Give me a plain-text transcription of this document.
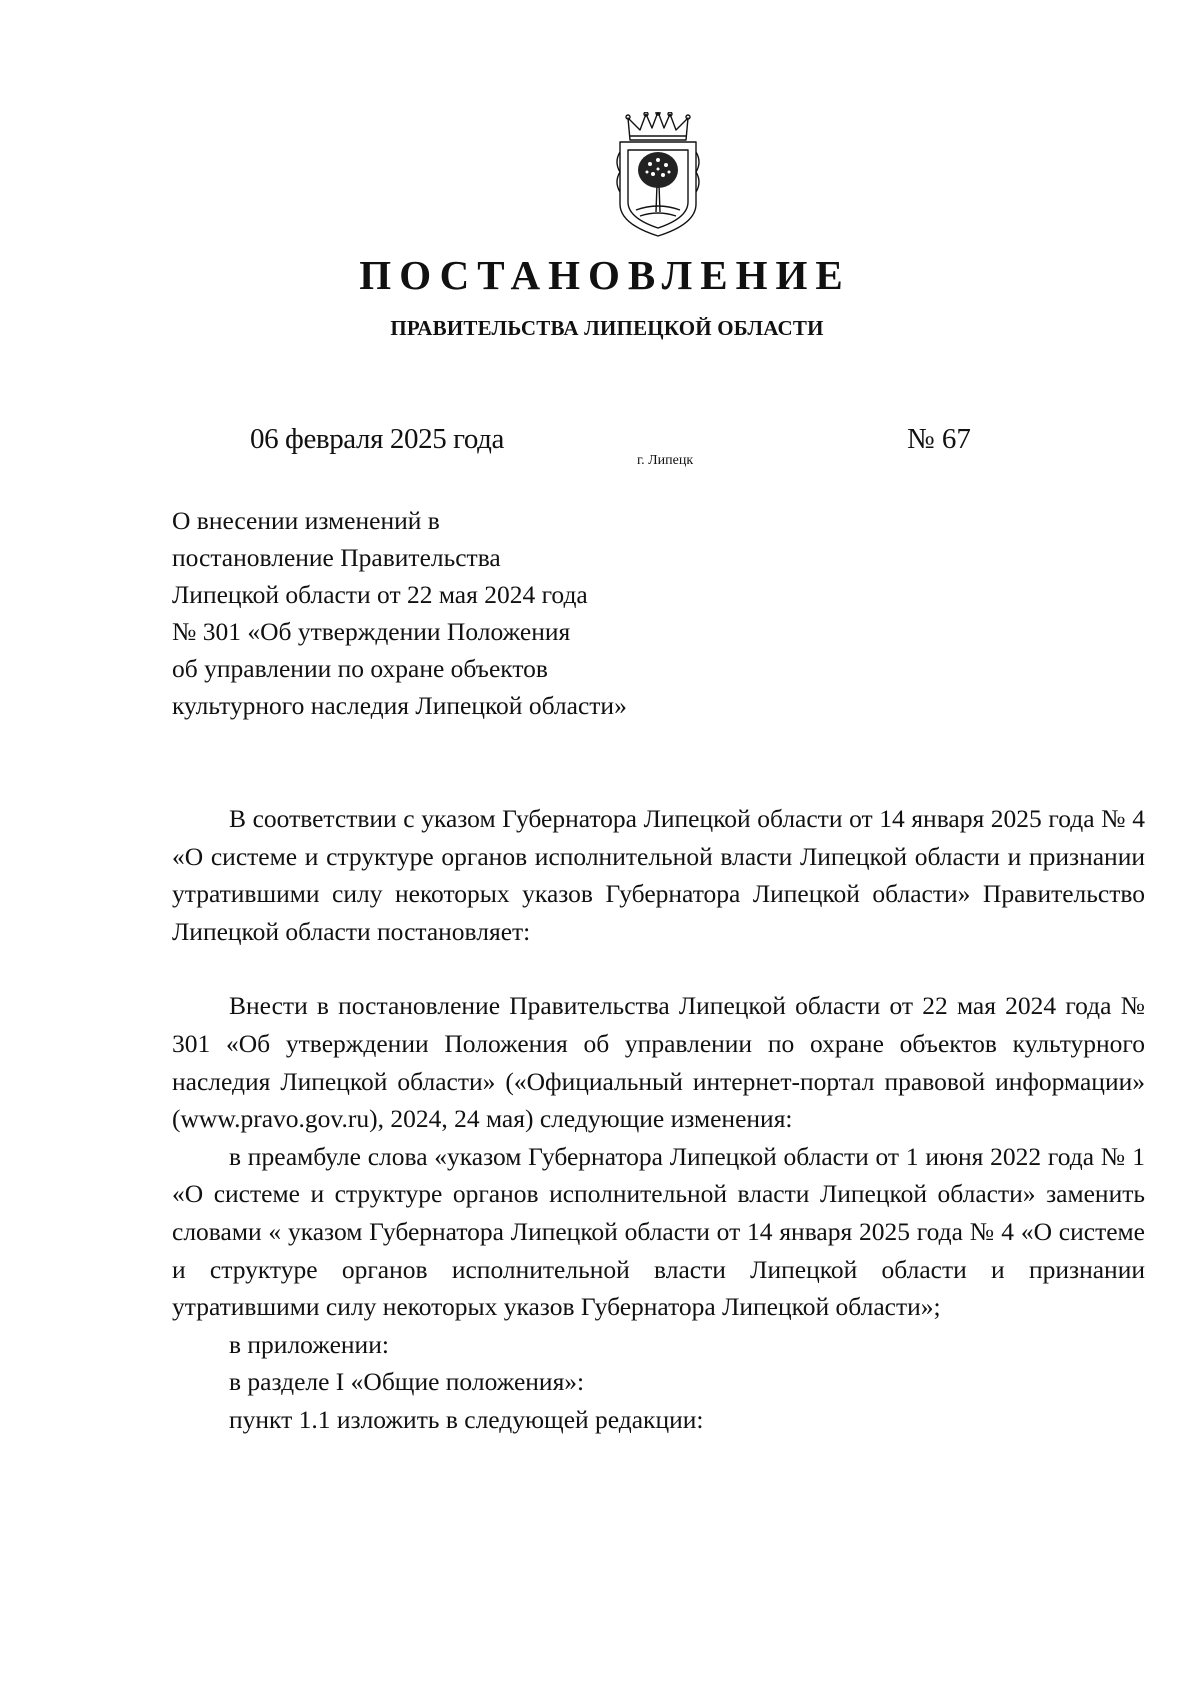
ПОСТАНОВЛЕНИЕ
ПРАВИТЕЛЬСТВА ЛИПЕЦКОЙ ОБЛАСТИ
06 февраля 2025 года
г. Липецк
№ 67
О внесении изменений в
постановление Правительства
Липецкой области от 22 мая 2024 года
№ 301 «Об утверждении Положения
об управлении по охране объектов
культурного наследия Липецкой области»

В соответствии с указом Губернатора Липецкой области от 14 января 2025 года № 4 «О системе и структуре органов исполнительной власти Липецкой области и признании утратившими силу некоторых указов Губернатора Липецкой области» Правительство Липецкой области постановляет:

Внести в постановление Правительства Липецкой области от 22 мая 2024 года № 301 «Об утверждении Положения об управлении по охране объектов культурного наследия Липецкой области» («Официальный интернет-портал правовой информации» (www.pravo.gov.ru), 2024, 24 мая) следующие изменения:

в преамбуле слова «указом Губернатора Липецкой области от 1 июня 2022 года № 1 «О системе и структуре органов исполнительной власти Липецкой области» заменить словами « указом Губернатора Липецкой области от 14 января 2025 года № 4 «О системе и структуре органов исполнительной власти Липецкой области и признании утратившими силу некоторых указов Губернатора Липецкой области»;

в приложении:

в разделе I «Общие положения»:

пункт 1.1 изложить в следующей редакции:
